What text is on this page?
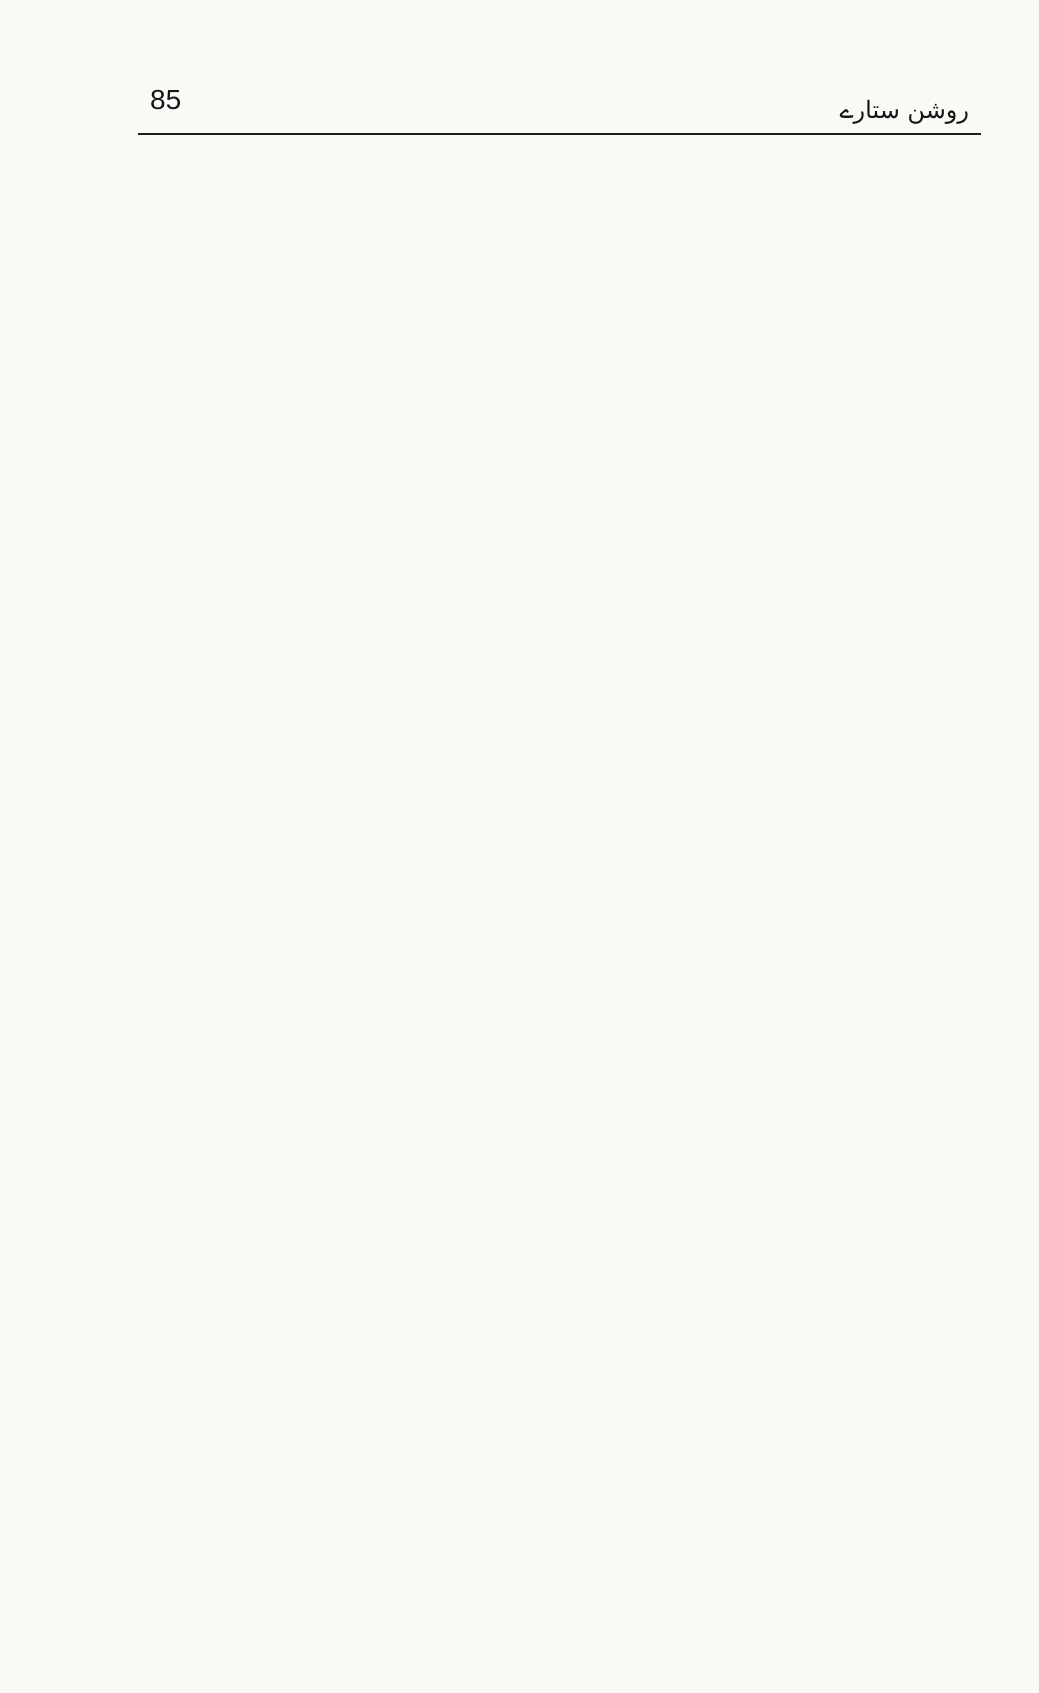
85	روشن ستارے
